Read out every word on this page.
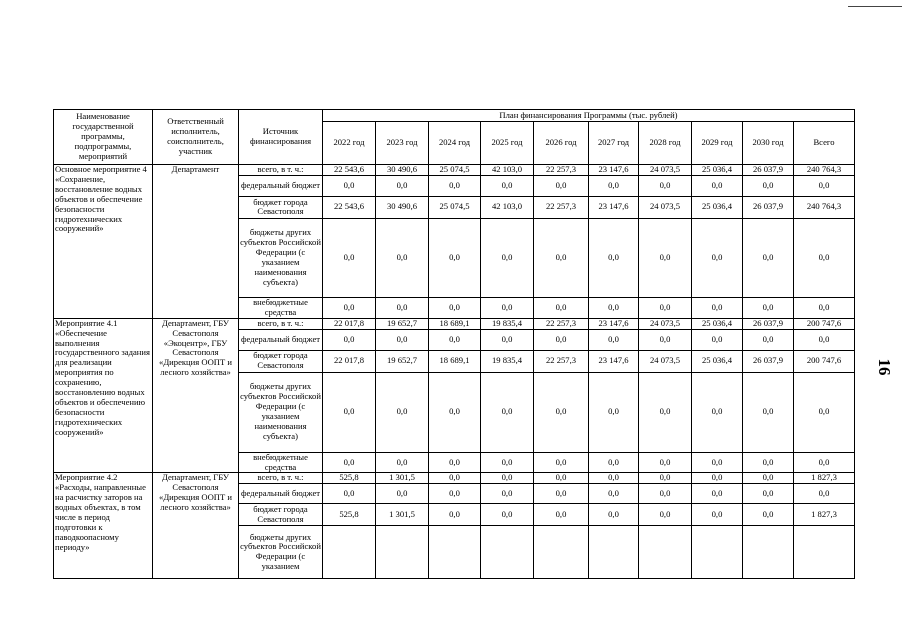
16
Наименование государственной программы, подпрограммы, мероприятий	Ответственный исполнитель, соисполнитель, участник	Источник финансирования	План финансирования Программы (тыс. рублей)									
			2022 год	2023 год	2024 год	2025 год	2026 год	2027 год	2028 год	2029 год	2030 год	Всего
Основное мероприятие 4 «Сохранение, восстановление водных объектов и обеспечение безопасности гидротехнических сооружений»	Департамент	всего, в т. ч.:	22 543,6	30 490,6	25 074,5	42 103,0	22 257,3	23 147,6	24 073,5	25 036,4	26 037,9	240 764,3
		федеральный бюджет	0,0	0,0	0,0	0,0	0,0	0,0	0,0	0,0	0,0	0,0
		бюджет города Севастополя	22 543,6	30 490,6	25 074,5	42 103,0	22 257,3	23 147,6	24 073,5	25 036,4	26 037,9	240 764,3
		бюджеты других субъектов Российской Федерации (с указанием наименования субъекта)	0,0	0,0	0,0	0,0	0,0	0,0	0,0	0,0	0,0	0,0
		внебюджетные средства	0,0	0,0	0,0	0,0	0,0	0,0	0,0	0,0	0,0	0,0
Мероприятие 4.1 «Обеспечение выполнения государственного задания для реализации мероприятия по сохранению, восстановлению водных объектов и обеспечению безопасности гидротехнических сооружений»	Департамент, ГБУ Севастополя «Экоцентр», ГБУ Севастополя «Дирекция ООПТ и лесного хозяйства»	всего, в т. ч.:	22 017,8	19 652,7	18 689,1	19 835,4	22 257,3	23 147,6	24 073,5	25 036,4	26 037,9	200 747,6
		федеральный бюджет	0,0	0,0	0,0	0,0	0,0	0,0	0,0	0,0	0,0	0,0
		бюджет города Севастополя	22 017,8	19 652,7	18 689,1	19 835,4	22 257,3	23 147,6	24 073,5	25 036,4	26 037,9	200 747,6
		бюджеты других субъектов Российской Федерации (с указанием наименования субъекта)	0,0	0,0	0,0	0,0	0,0	0,0	0,0	0,0	0,0	0,0
		внебюджетные средства	0,0	0,0	0,0	0,0	0,0	0,0	0,0	0,0	0,0	0,0
Мероприятие 4.2 «Расходы, направленные на расчистку заторов на водных объектах, в том числе в период подготовки к паводкоопасному периоду»	Департамент, ГБУ Севастополя «Дирекция ООПТ и лесного хозяйства»	всего, в т. ч.:	525,8	1 301,5	0,0	0,0	0,0	0,0	0,0	0,0	0,0	1 827,3
		федеральный бюджет	0,0	0,0	0,0	0,0	0,0	0,0	0,0	0,0	0,0	0,0
		бюджет города Севастополя	525,8	1 301,5	0,0	0,0	0,0	0,0	0,0	0,0	0,0	1 827,3
		бюджеты других субъектов Российской Федерации (с указанием										
